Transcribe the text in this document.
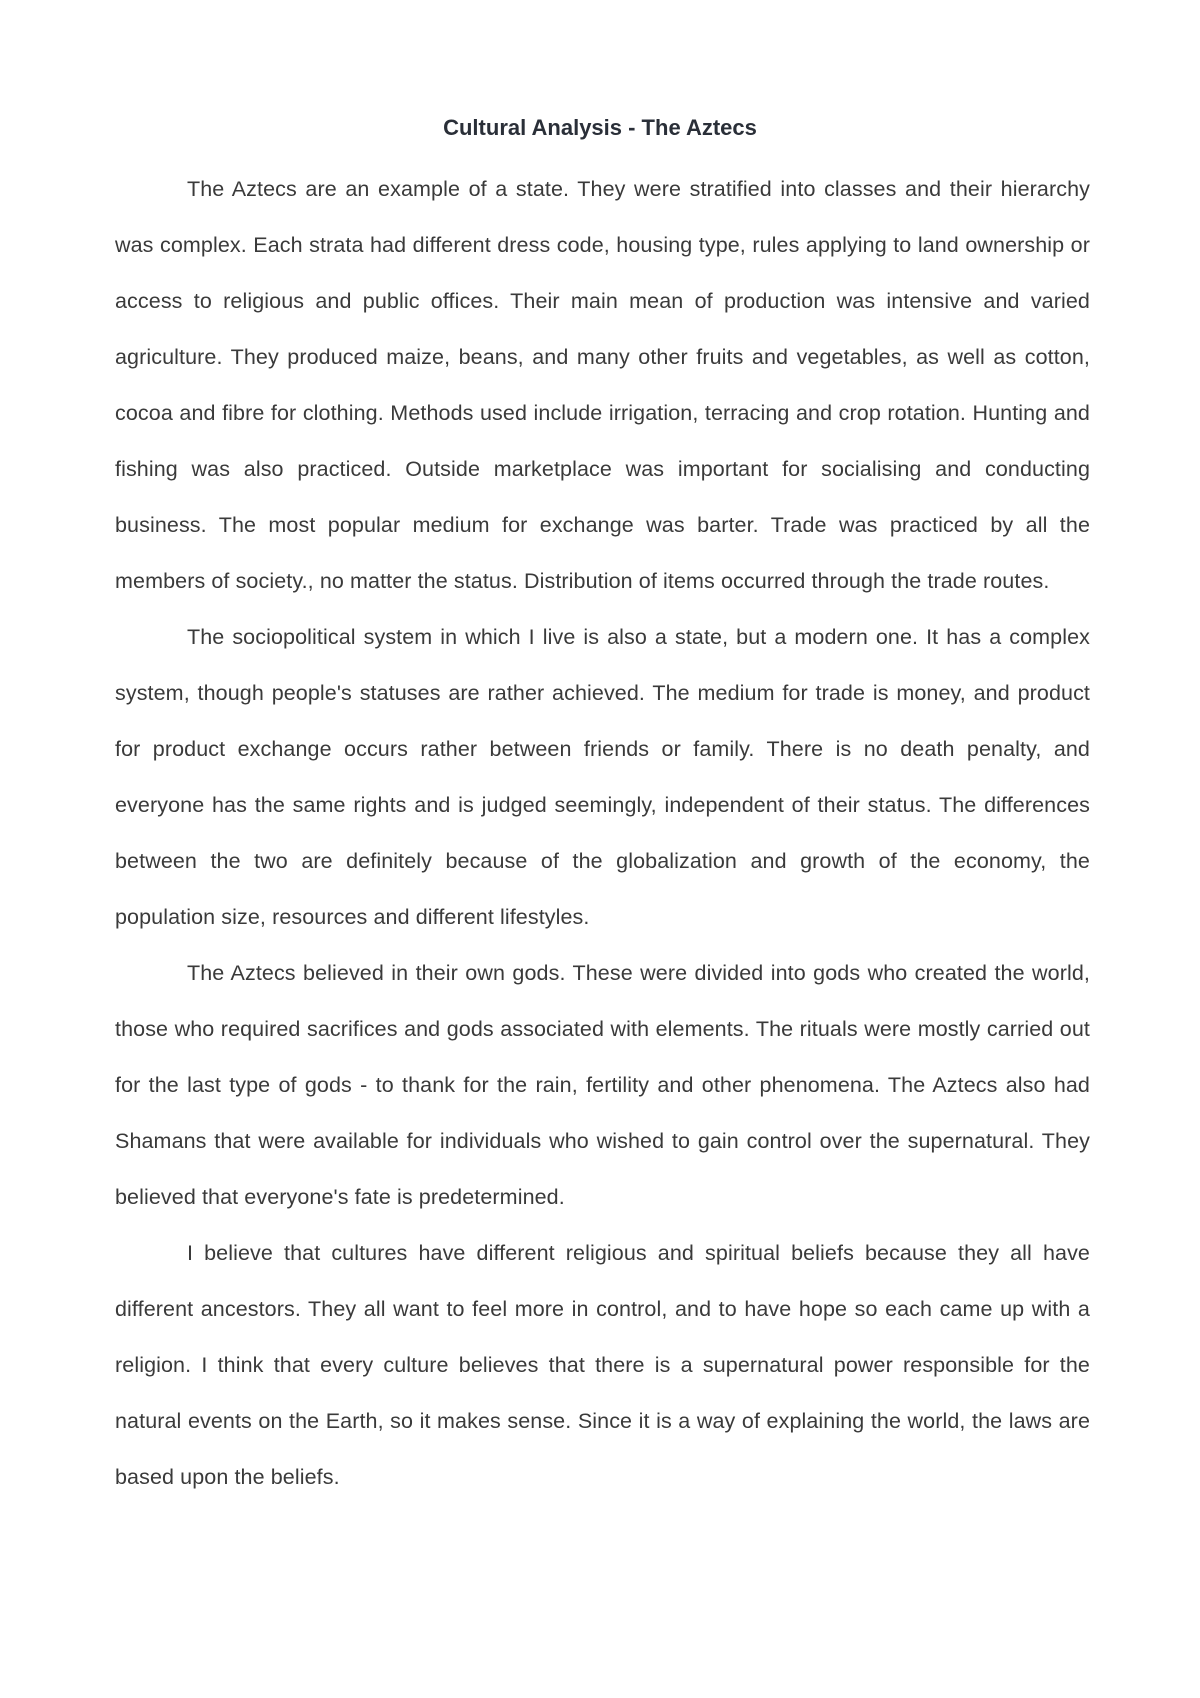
Cultural Analysis - The Aztecs

The Aztecs are an example of a state. They were stratified into classes and their hierarchy was complex. Each strata had different dress code, housing type, rules applying to land ownership or access to religious and public offices. Their main mean of production was intensive and varied agriculture. They produced maize, beans, and many other fruits and vegetables, as well as cotton, cocoa and fibre for clothing. Methods used include irrigation, terracing and crop rotation. Hunting and fishing was also practiced. Outside marketplace was important for socialising and conducting business. The most popular medium for exchange was barter. Trade was practiced by all the members of society., no matter the status. Distribution of items occurred through the trade routes.

The sociopolitical system in which I live is also a state, but a modern one. It has a complex system, though people's statuses are rather achieved. The medium for trade is money, and product for product exchange occurs rather between friends or family. There is no death penalty, and everyone has the same rights and is judged seemingly, independent of their status. The differences between the two are definitely because of the globalization and growth of the economy, the population size, resources and different lifestyles.

The Aztecs believed in their own gods. These were divided into gods who created the world, those who required sacrifices and gods associated with elements. The rituals were mostly carried out for the last type of gods - to thank for the rain, fertility and other phenomena. The Aztecs also had Shamans that were available for individuals who wished to gain control over the supernatural. They believed that everyone's fate is predetermined.

I believe that cultures have different religious and spiritual beliefs because they all have different ancestors. They all want to feel more in control, and to have hope so each came up with a religion. I think that every culture believes that there is a supernatural power responsible for the natural events on the Earth, so it makes sense. Since it is a way of explaining the world, the laws are based upon the beliefs.
